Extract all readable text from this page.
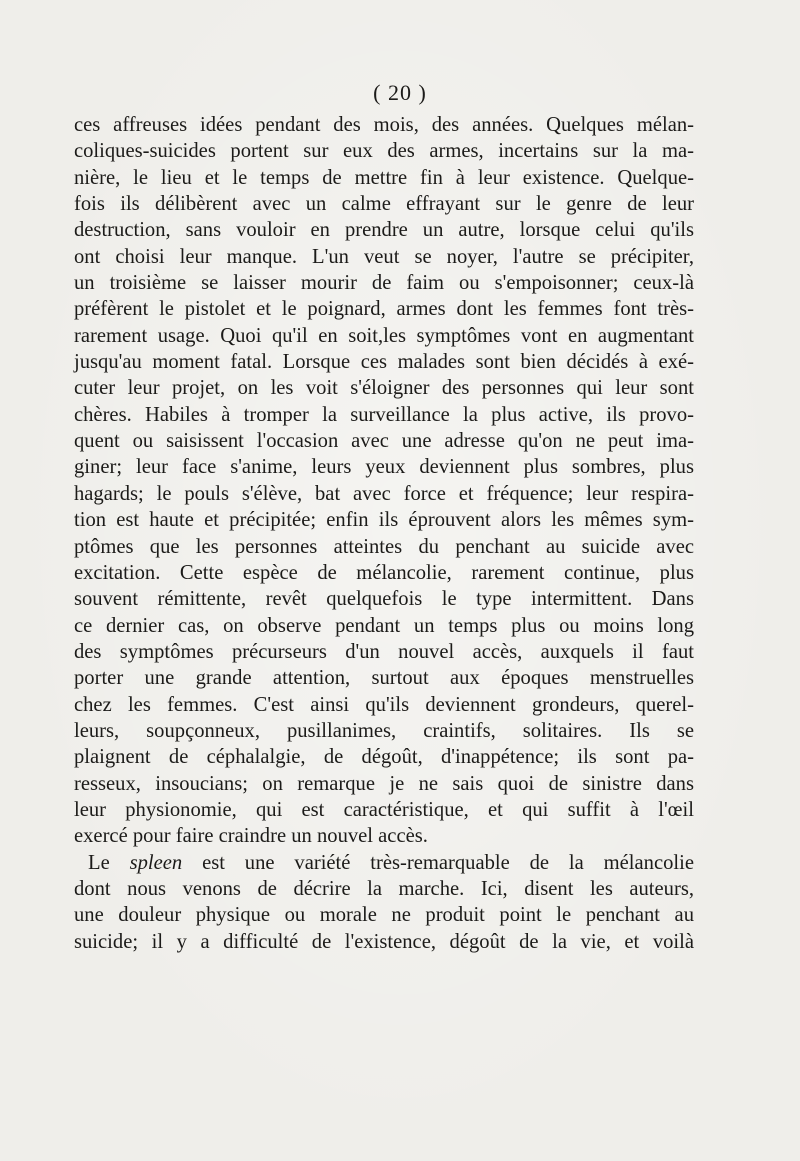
( 20 )
ces affreuses idées pendant des mois, des années. Quelques mélan-
coliques-suicides portent sur eux des armes, incertains sur la ma-
nière, le lieu et le temps de mettre fin à leur existence. Quelque-
fois ils délibèrent avec un calme effrayant sur le genre de leur
destruction, sans vouloir en prendre un autre, lorsque celui qu'ils
ont choisi leur manque. L'un veut se noyer, l'autre se précipiter,
un troisième se laisser mourir de faim ou s'empoisonner; ceux-là
préfèrent le pistolet et le poignard, armes dont les femmes font très-
rarement usage. Quoi qu'il en soit,les symptômes vont en augmentant
jusqu'au moment fatal. Lorsque ces malades sont bien décidés à exé-
cuter leur projet, on les voit s'éloigner des personnes qui leur sont
chères. Habiles à tromper la surveillance la plus active, ils provo-
quent ou saisissent l'occasion avec une adresse qu'on ne peut ima-
giner; leur face s'anime, leurs yeux deviennent plus sombres, plus
hagards; le pouls s'élève, bat avec force et fréquence; leur respira-
tion est haute et précipitée; enfin ils éprouvent alors les mêmes sym-
ptômes que les personnes atteintes du penchant au suicide avec
excitation. Cette espèce de mélancolie, rarement continue, plus
souvent rémittente, revêt quelquefois le type intermittent. Dans
ce dernier cas, on observe pendant un temps plus ou moins long
des symptômes précurseurs d'un nouvel accès, auxquels il faut
porter une grande attention, surtout aux époques menstruelles
chez les femmes. C'est ainsi qu'ils deviennent grondeurs, querel-
leurs, soupçonneux, pusillanimes, craintifs, solitaires. Ils se
plaignent de céphalalgie, de dégoût, d'inappétence; ils sont pa-
resseux, insoucians; on remarque je ne sais quoi de sinistre dans
leur physionomie, qui est caractéristique, et qui suffit à l'œil
exercé pour faire craindre un nouvel accès.
Le spleen est une variété très-remarquable de la mélancolie
dont nous venons de décrire la marche. Ici, disent les auteurs,
une douleur physique ou morale ne produit point le penchant au
suicide; il y a difficulté de l'existence, dégoût de la vie, et voilà
